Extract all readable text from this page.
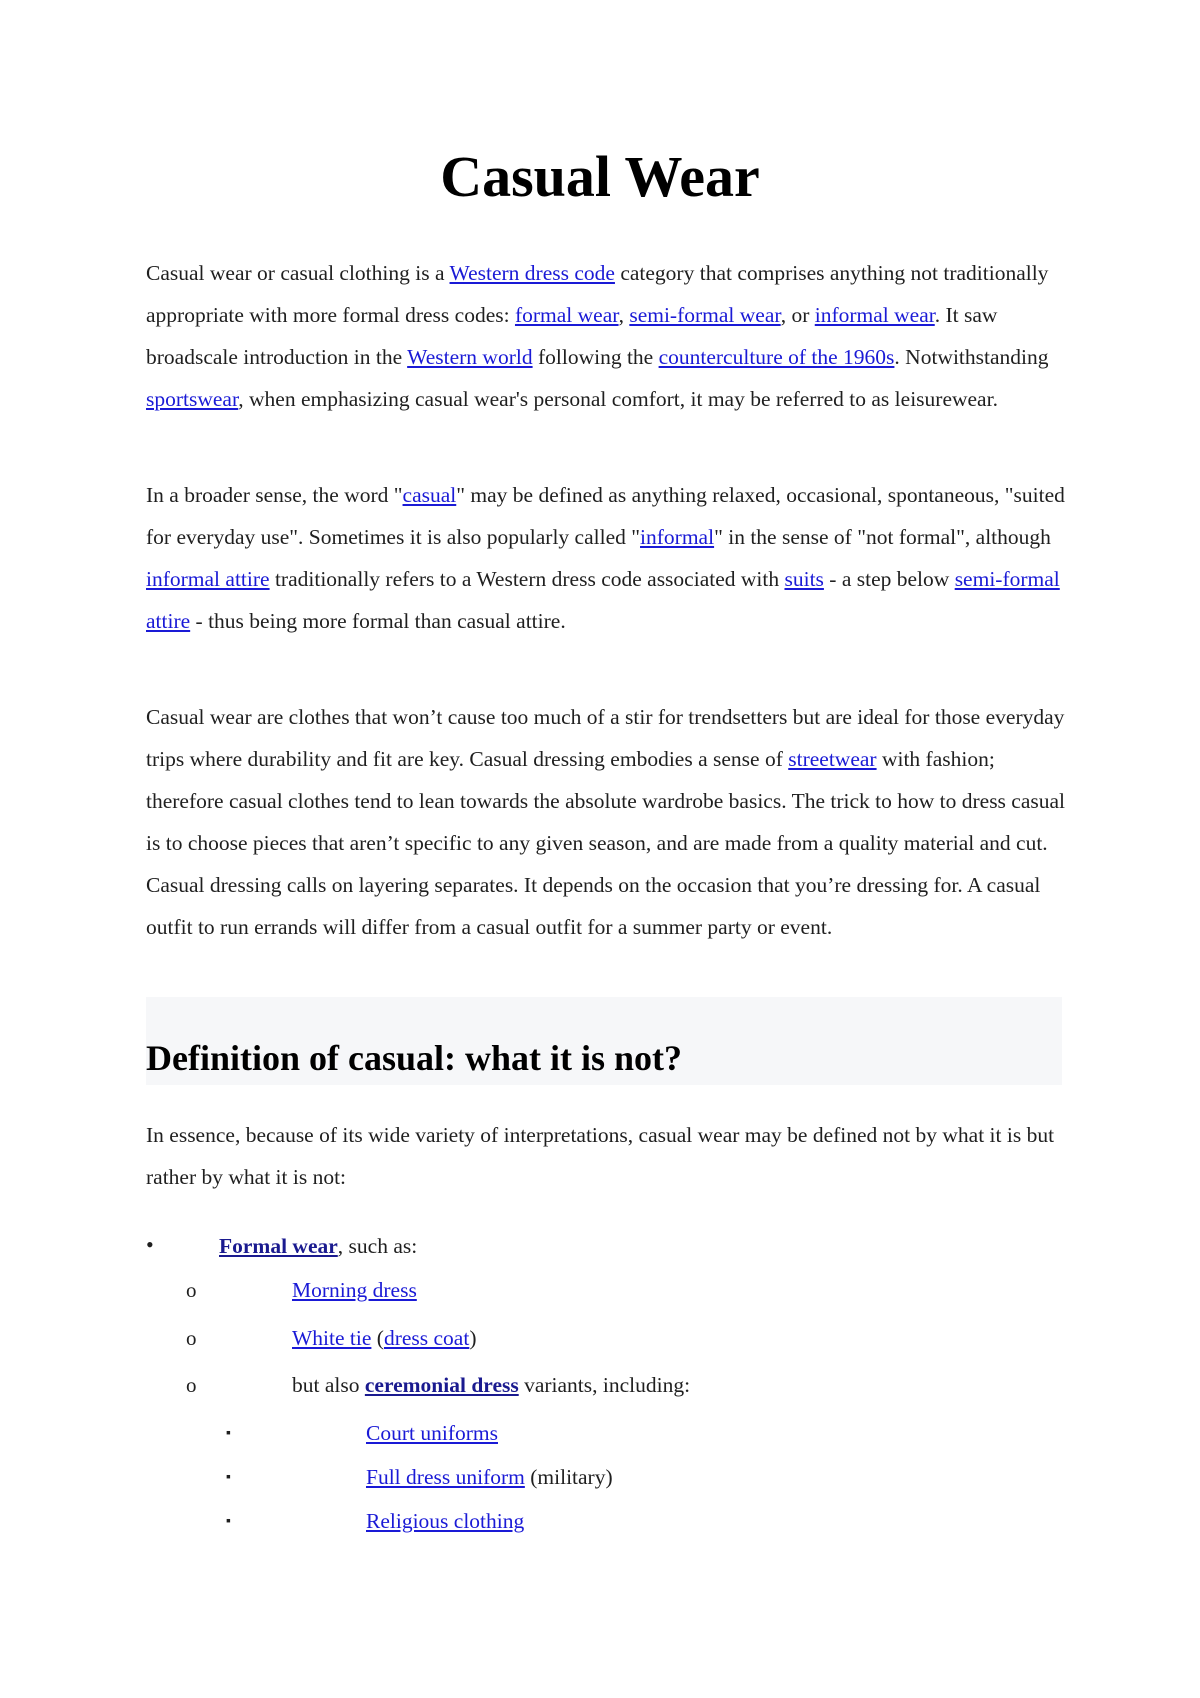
Casual Wear

Casual wear or casual clothing is a Western dress code category that comprises anything not traditionally appropriate with more formal dress codes: formal wear, semi-formal wear, or informal wear. It saw broadscale introduction in the Western world following the counterculture of the 1960s. Notwithstanding sportswear, when emphasizing casual wear's personal comfort, it may be referred to as leisurewear.

In a broader sense, the word "casual" may be defined as anything relaxed, occasional, spontaneous, "suited for everyday use". Sometimes it is also popularly called "informal" in the sense of "not formal", although informal attire traditionally refers to a Western dress code associated with suits - a step below semi-formal attire - thus being more formal than casual attire.

Casual wear are clothes that won’t cause too much of a stir for trendsetters but are ideal for those everyday trips where durability and fit are key. Casual dressing embodies a sense of streetwear with fashion; therefore casual clothes tend to lean towards the absolute wardrobe basics. The trick to how to dress casual is to choose pieces that aren’t specific to any given season, and are made from a quality material and cut. Casual dressing calls on layering separates. It depends on the occasion that you’re dressing for. A casual outfit to run errands will differ from a casual outfit for a summer party or event.

Definition of casual: what it is not?

In essence, because of its wide variety of interpretations, casual wear may be defined not by what it is but rather by what it is not:

•	Formal wear, such as:
o	Morning dress
o	White tie (dress coat)
o	but also ceremonial dress variants, including:
▪	Court uniforms
▪	Full dress uniform (military)
▪	Religious clothing
